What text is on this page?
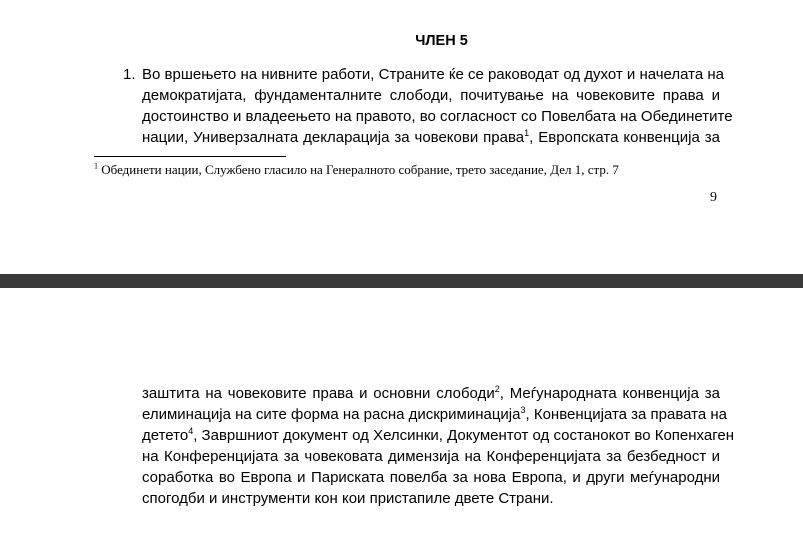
ЧЛЕН 5
1. Во вршењето на нивните работи, Страните ќе се раководат од духот и начелата на
демократијата, фундаменталните слободи, почитување на човековите права и
достоинство и владеењето на правото, во согласност со Повелбата на Обединетите
нации, Универзалната декларација за човекови права$^1$, Европската конвенција за
$^1$ Обединети нации, Службено гласило на Генералното собрание, трето заседание, Дел 1, стр. 7
9
заштита на човековите права и основни слободи$^2$, Меѓународната конвенција за
елиминација на сите форма на расна дискриминација$^3$, Конвенцијата за правата на
детето$^4$, Завршниот документ од Хелсинки, Документот од состанокот во Копенхаген
на Конференцијата за човековата димензија на Конференцијата за безбедност и
соработка во Европа и Париската повелба за нова Европа, и други меѓународни
спогодби и инструменти кон кои пристапиле двете Страни.
